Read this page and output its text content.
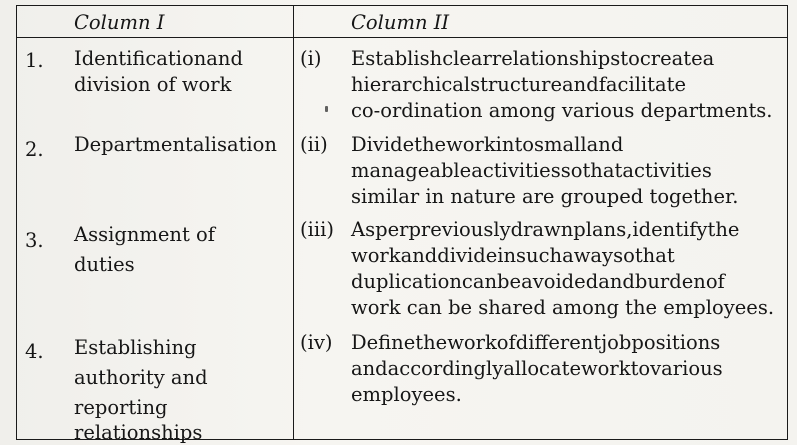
Column I	Column II
1. Identificationand
division of work
(i) Establishclearrelationshipstocreatea
hierarchicalstructureandfacilitate
co-ordination among various departments.
2. Departmentalisation (ii) Dividetheworkintosmalland
manageableactivitiessothatactivities
similar in nature are grouped together.
3. Assignment of
duties
(iii) Asperpreviouslydrawnplans,identifythe
workanddivideinsuchawaysothat
duplicationcanbeavoidedandburdenof
work can be shared among the employees.
4. Establishing
authority and
reporting
relationships
(iv) Definetheworkofdifferentjobpositions
andaccordinglyallocateworktovarious
employees.
